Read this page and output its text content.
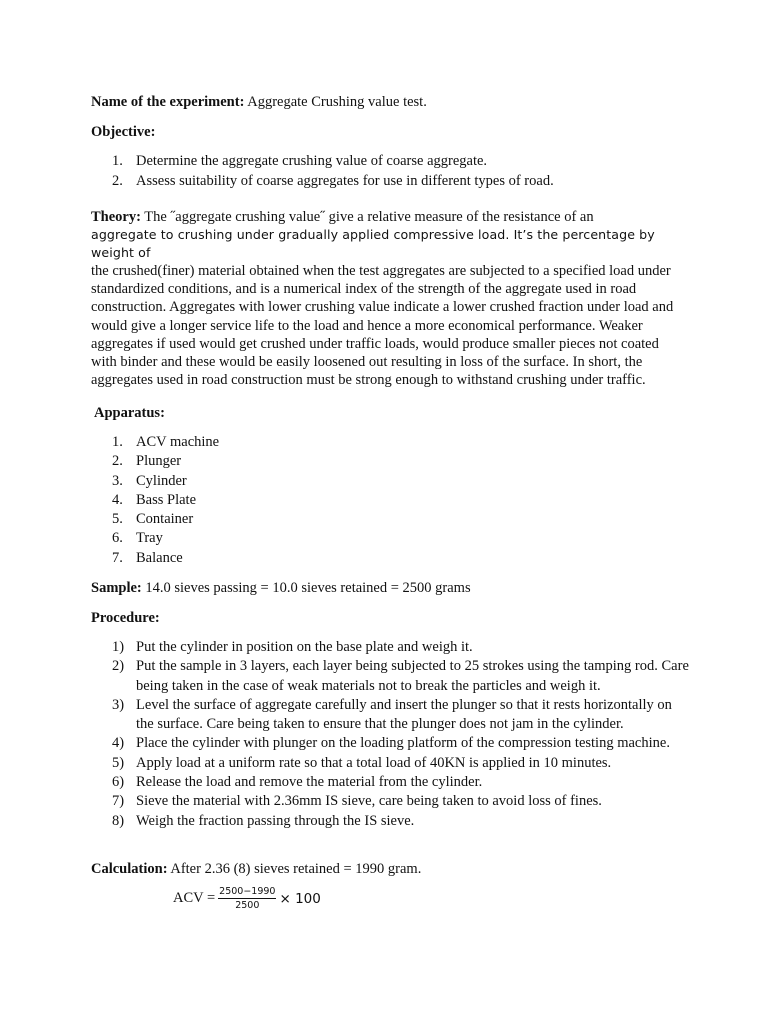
Name of the experiment: Aggregate Crushing value test.

Objective:

1. Determine the aggregate crushing value of coarse aggregate.
2. Assess suitability of coarse aggregates for use in different types of road.

Theory: The ˝aggregate crushing value˝ give a relative measure of the resistance of an
aggregate to crushing under gradually applied compressive load. It’s the percentage by weight of
the crushed(finer) material obtained when the test aggregates are subjected to a specified load under standardized conditions, and is a numerical index of the strength of the aggregate used in road construction. Aggregates with lower crushing value indicate a lower crushed fraction under load and would give a longer service life to the load and hence a more economical performance. Weaker aggregates if used would get crushed under traffic loads, would produce smaller pieces not coated with binder and these would be easily loosened out resulting in loss of the surface. In short, the aggregates used in road construction must be strong enough to withstand crushing under traffic.

Apparatus:

1. ACV machine
2. Plunger
3. Cylinder
4. Bass Plate
5. Container
6. Tray
7. Balance

Sample: 14.0 sieves passing = 10.0 sieves retained = 2500 grams

Procedure:

1) Put the cylinder in position on the base plate and weigh it.
2) Put the sample in 3 layers, each layer being subjected to 25 strokes using the tamping rod. Care being taken in the case of weak materials not to break the particles and weigh it.
3) Level the surface of aggregate carefully and insert the plunger so that it rests horizontally on the surface. Care being taken to ensure that the plunger does not jam in the cylinder.
4) Place the cylinder with plunger on the loading platform of the compression testing machine.
5) Apply load at a uniform rate so that a total load of 40KN is applied in 10 minutes.
6) Release the load and remove the material from the cylinder.
7) Sieve the material with 2.36mm IS sieve, care being taken to avoid loss of fines.
8) Weigh the fraction passing through the IS sieve.

Calculation: After 2.36 (8) sieves retained = 1990 gram.

ACV = $\frac{2500-1990}{2500} \times 100$
